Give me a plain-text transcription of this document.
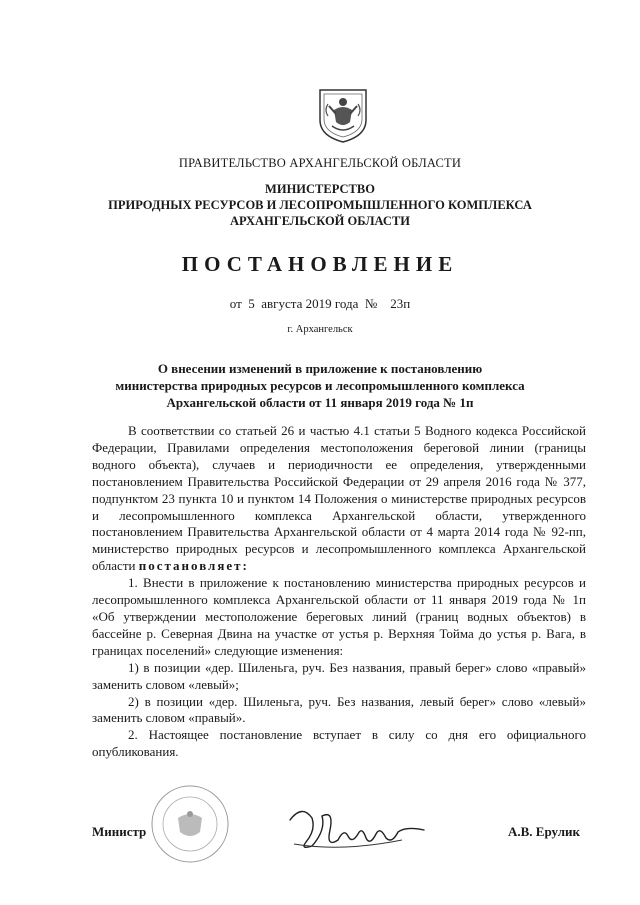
ПРАВИТЕЛЬСТВО АРХАНГЕЛЬСКОЙ ОБЛАСТИ
МИНИСТЕРСТВО
ПРИРОДНЫХ РЕСУРСОВ И ЛЕСОПРОМЫШЛЕННОГО КОМПЛЕКСА
АРХАНГЕЛЬСКОЙ ОБЛАСТИ
ПОСТАНОВЛЕНИЕ
от  5  августа 2019 года  №    23п
г. Архангельск
О внесении изменений в приложение к постановлению
министерства природных ресурсов и лесопромышленного комплекса
Архангельской области от 11 января 2019 года № 1п
В соответствии со статьей 26 и частью 4.1 статьи 5 Водного кодекса Российской Федерации, Правилами определения местоположения береговой линии (границы водного объекта), случаев и периодичности ее определения, утвержденными постановлением Правительства Российской Федерации от 29 апреля 2016 года № 377, подпунктом 23 пункта 10 и пунктом 14 Положения о министерстве природных ресурсов и лесопромышленного комплекса Архангельской области, утвержденного постановлением Правительства Архангельской области от 4 марта 2014 года № 92-пп, министерство природных ресурсов и лесопромышленного комплекса Архангельской области постановляет:
1. Внести в приложение к постановлению министерства природных ресурсов и лесопромышленного комплекса Архангельской области от 11 января 2019 года № 1п «Об утверждении местоположение береговых линий (границ водных объектов) в бассейне р. Северная Двина на участке от устья р. Верхняя Тойма до устья р. Вага, в границах поселений» следующие изменения:
1) в позиции «дер. Шиленьга, руч. Без названия, правый берег» слово «правый» заменить словом «левый»;
2) в позиции «дер. Шиленьга, руч. Без названия, левый берег» слово «левый» заменить словом «правый».
2. Настоящее постановление вступает в силу со дня его официального опубликования.
Министр	А.В. Ерулик
